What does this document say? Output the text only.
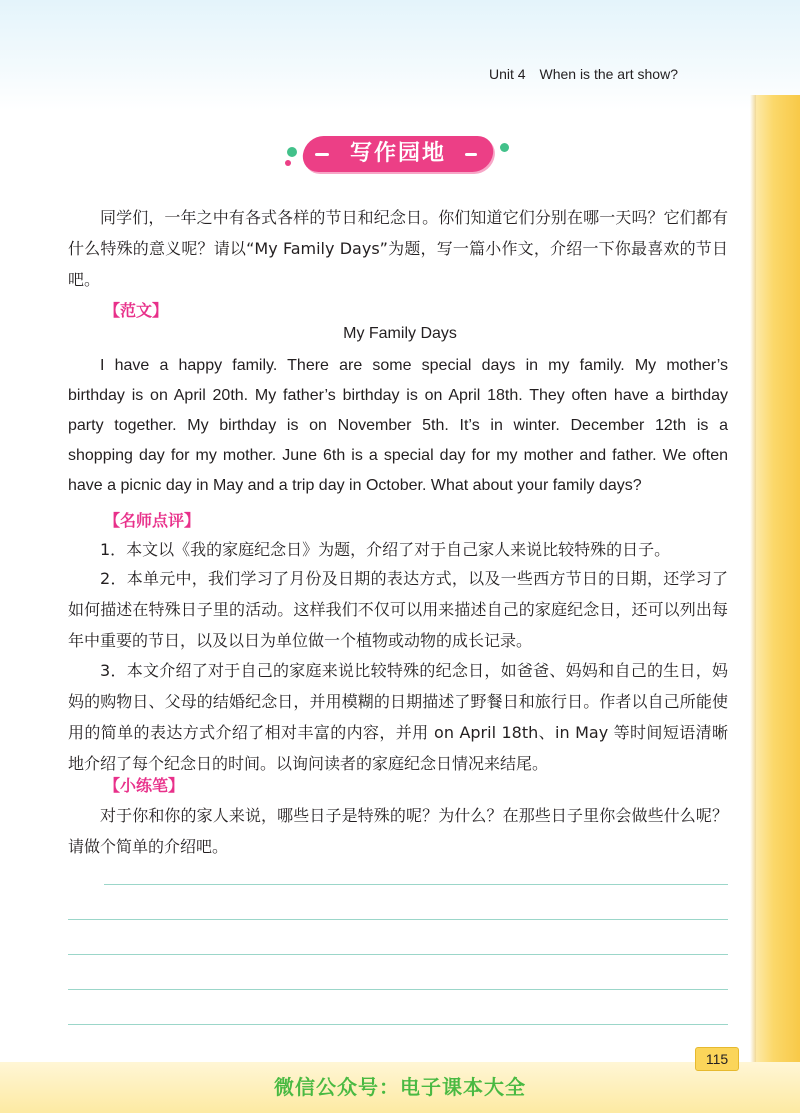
Unit 4 When is the art show?
写作园地
同学们，一年之中有各式各样的节日和纪念日。你们知道它们分别在哪一天吗？它们都有什么特殊的意义呢？请以“My Family Days”为题，写一篇小作文，介绍一下你最喜欢的节日吧。
【范文】
My Family Days
I have a happy family. There are some special days in my family. My mother’s
birthday is on April 20th. My father’s birthday is on April 18th. They often have a birthday
party together. My birthday is on November 5th. It’s in winter. December 12th is a
shopping day for my mother. June 6th is a special day for my mother and father. We often
have a picnic day in May and a trip day in October. What about your family days?
【名师点评】
1．本文以《我的家庭纪念日》为题，介绍了对于自己家人来说比较特殊的日子。
2．本单元中，我们学习了月份及日期的表达方式，以及一些西方节日的日期，还学习了如何描述在特殊日子里的活动。这样我们不仅可以用来描述自己的家庭纪念日，还可以列出每年中重要的节日，以及以日为单位做一个植物或动物的成长记录。
3．本文介绍了对于自己的家庭来说比较特殊的纪念日，如爸爸、妈妈和自己的生日，妈妈的购物日、父母的结婚纪念日，并用模糊的日期描述了野餐日和旅行日。作者以自己所能使用的简单的表达方式介绍了相对丰富的内容，并用 on April 18th、in May 等时间短语清晰地介绍了每个纪念日的时间。以询问读者的家庭纪念日情况来结尾。
【小练笔】
对于你和你的家人来说，哪些日子是特殊的呢？为什么？在那些日子里你会做些什么呢？请做个简单的介绍吧。
115
微信公众号：电子课本大全
